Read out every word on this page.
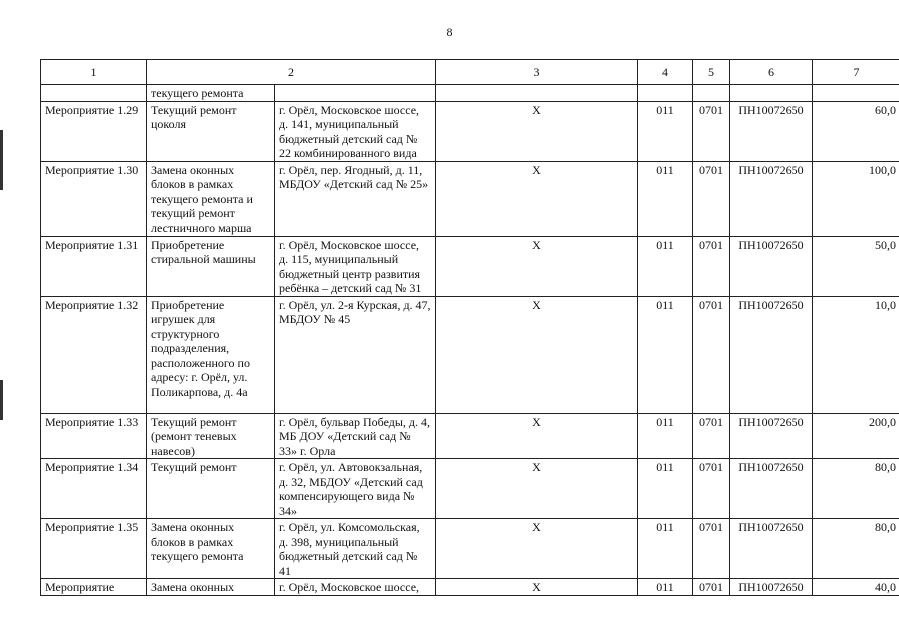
8
1	2		3	4	5	6	7
	текущего ремонта						
Мероприятие 1.29	Текущий ремонт цоколя	г. Орёл, Московское шоссе, д. 141, муниципальный бюджетный детский сад № 22 комбинированного вида	X	011	0701	ПН10072650	60,0
Мероприятие 1.30	Замена оконных блоков в рамках текущего ремонта и текущий ремонт лестничного марша	г. Орёл, пер. Ягодный, д. 11, МБДОУ «Детский сад № 25»	X	011	0701	ПН10072650	100,0
Мероприятие 1.31	Приобретение стиральной машины	г. Орёл, Московское шоссе, д. 115, муниципальный бюджетный центр развития ребёнка – детский сад № 31	X	011	0701	ПН10072650	50,0
Мероприятие 1.32	Приобретение игрушек для структурного подразделения, расположенного по адресу: г. Орёл, ул. Поликарпова, д. 4а	г. Орёл, ул. 2-я Курская, д. 47, МБДОУ № 45	X	011	0701	ПН10072650	10,0
Мероприятие 1.33	Текущий ремонт (ремонт теневых навесов)	г. Орёл, бульвар Победы, д. 4, МБ ДОУ «Детский сад № 33» г. Орла	X	011	0701	ПН10072650	200,0
Мероприятие 1.34	Текущий ремонт	г. Орёл, ул. Автовокзальная, д. 32, МБДОУ «Детский сад компенсирующего вида № 34»	X	011	0701	ПН10072650	80,0
Мероприятие 1.35	Замена оконных блоков в рамках текущего ремонта	г. Орёл, ул. Комсомольская, д. 398, муниципальный бюджетный детский сад № 41	X	011	0701	ПН10072650	80,0
Мероприятие	Замена оконных	г. Орёл, Московское шоссе,	X	011	0701	ПН10072650	40,0
